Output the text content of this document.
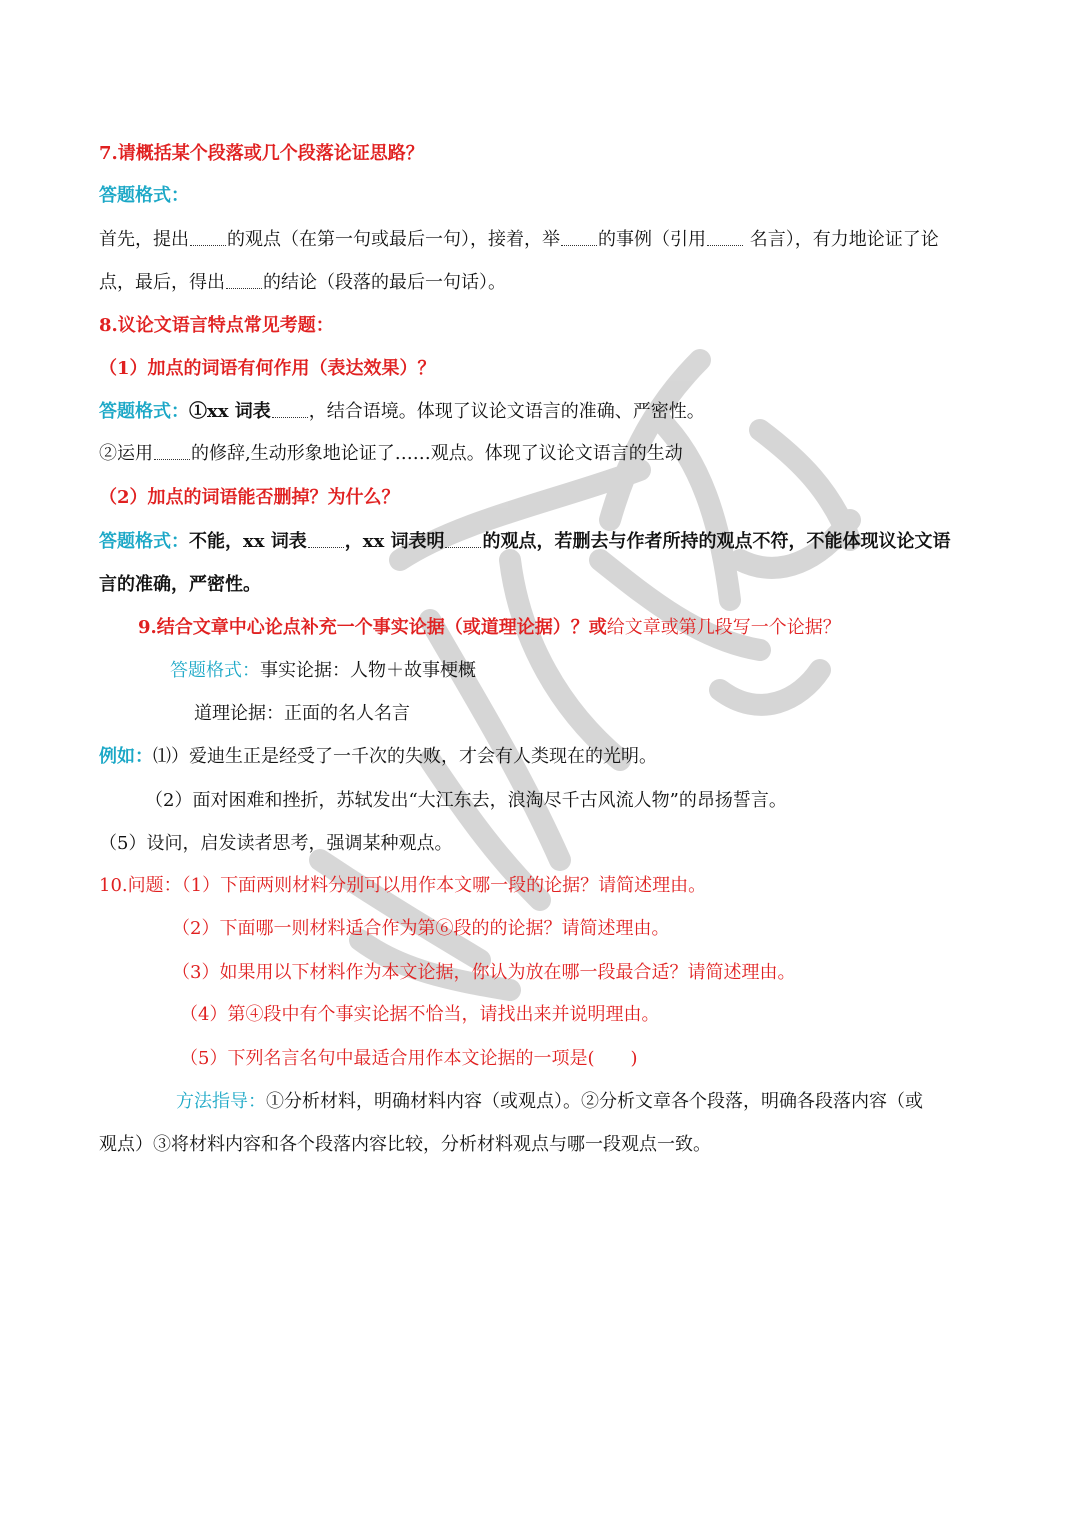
7.请概括某个段落或几个段落论证思路？
答题格式：
首先，提出 的观点（在第一句或最后一句），接着，举 的事例（引用 名言），有力地论证了论
点，最后，得出 的结论（段落的最后一句话）。
8.议论文语言特点常见考题：
（1）加点的词语有何作用（表达效果）？
答题格式：①xx 词表 ，结合语境。体现了议论文语言的准确、严密性。
②运用 的修辞,生动形象地论证了……观点。体现了议论文语言的生动
（2）加点的词语能否删掉？为什么？
答题格式：不能，xx 词表 ，xx 词表明 的观点，若删去与作者所持的观点不符，不能体现议论文语
言的准确，严密性。
9.结合文章中心论点补充一个事实论据（或道理论据）？或给文章或第几段写一个论据？
答题格式：事实论据：人物＋故事梗概
道理论据：正面的名人名言
例如：⑴）爱迪生正是经受了一千次的失败，才会有人类现在的光明。
（2）面对困难和挫折，苏轼发出“大江东去，浪淘尽千古风流人物”的昂扬誓言。
（5）设问，启发读者思考，强调某种观点。
10.问题：（1）下面两则材料分别可以用作本文哪一段的论据？请简述理由。
（2）下面哪一则材料适合作为第⑥段的的论据？请简述理由。
（3）如果用以下材料作为本文论据，你认为放在哪一段最合适？请简述理由。
（4）第④段中有个事实论据不恰当，请找出来并说明理由。
（5）下列名言名句中最适合用作本文论据的一项是(　　)
方法指导：①分析材料，明确材料内容（或观点）。②分析文章各个段落，明确各段落内容（或
观点）③将材料内容和各个段落内容比较，分析材料观点与哪一段观点一致。
